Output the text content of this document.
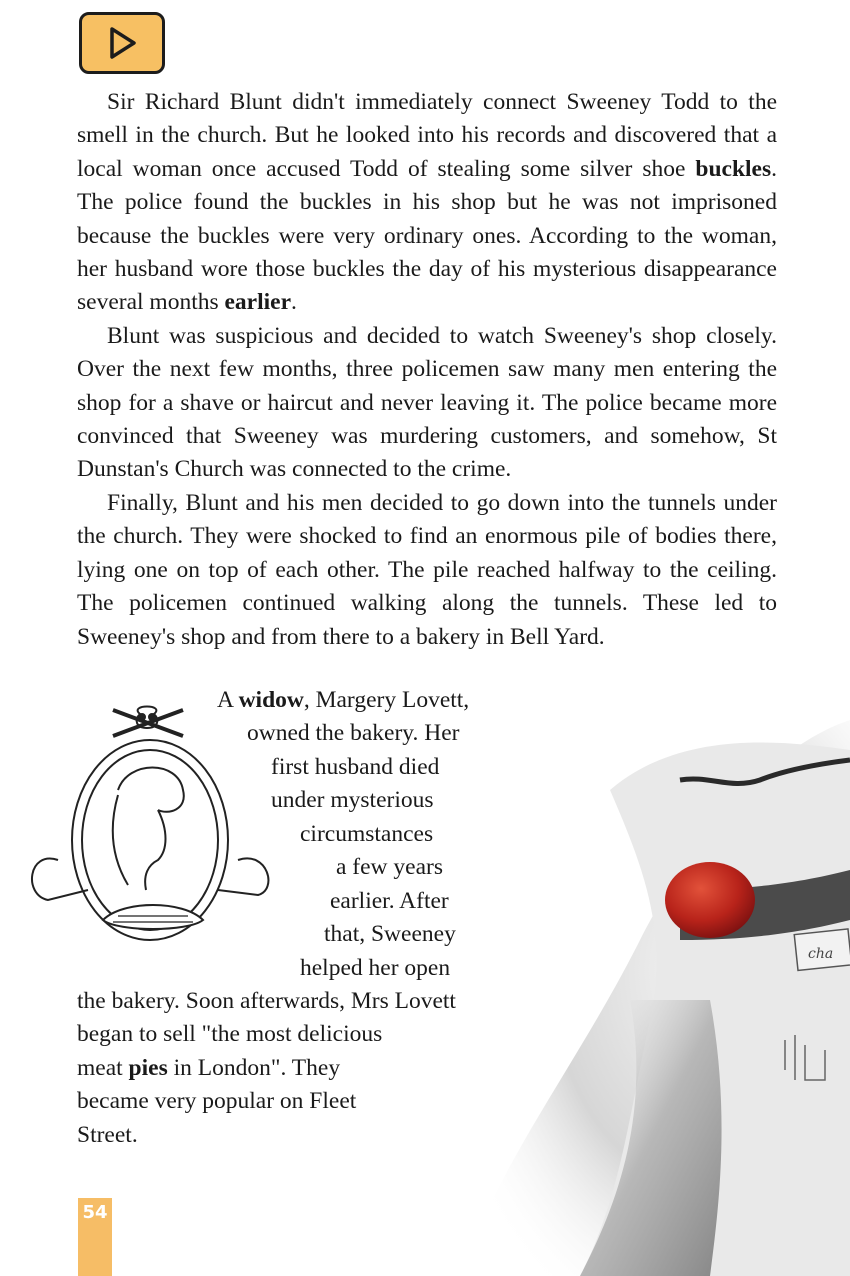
Sir Richard Blunt didn't immediately connect Sweeney Todd to the smell in the church. But he looked into his records and discovered that a local woman once accused Todd of stealing some silver shoe buckles. The police found the buckles in his shop but he was not imprisoned because the buckles were very ordinary ones. According to the woman, her husband wore those buckles the day of his mysterious disappearance several months earlier.

Blunt was suspicious and decided to watch Sweeney's shop closely. Over the next few months, three policemen saw many men entering the shop for a shave or haircut and never leaving it. The police became more convinced that Sweeney was murdering customers, and somehow, St Dunstan's Church was connected to the crime.

Finally, Blunt and his men decided to go down into the tunnels under the church. They were shocked to find an enormous pile of bodies there, lying one on top of each other. The pile reached halfway to the ceiling. The policemen continued walking along the tunnels. These led to Sweeney's shop and from there to a bakery in Bell Yard.

cha
A widow, Margery Lovett,
owned the bakery. Her
first husband died
under mysterious
circumstances
a few years
earlier. After
that, Sweeney
helped her open
the bakery. Soon afterwards, Mrs Lovett
began to sell "the most delicious
meat pies in London". They
became very popular on Fleet
Street.
54
